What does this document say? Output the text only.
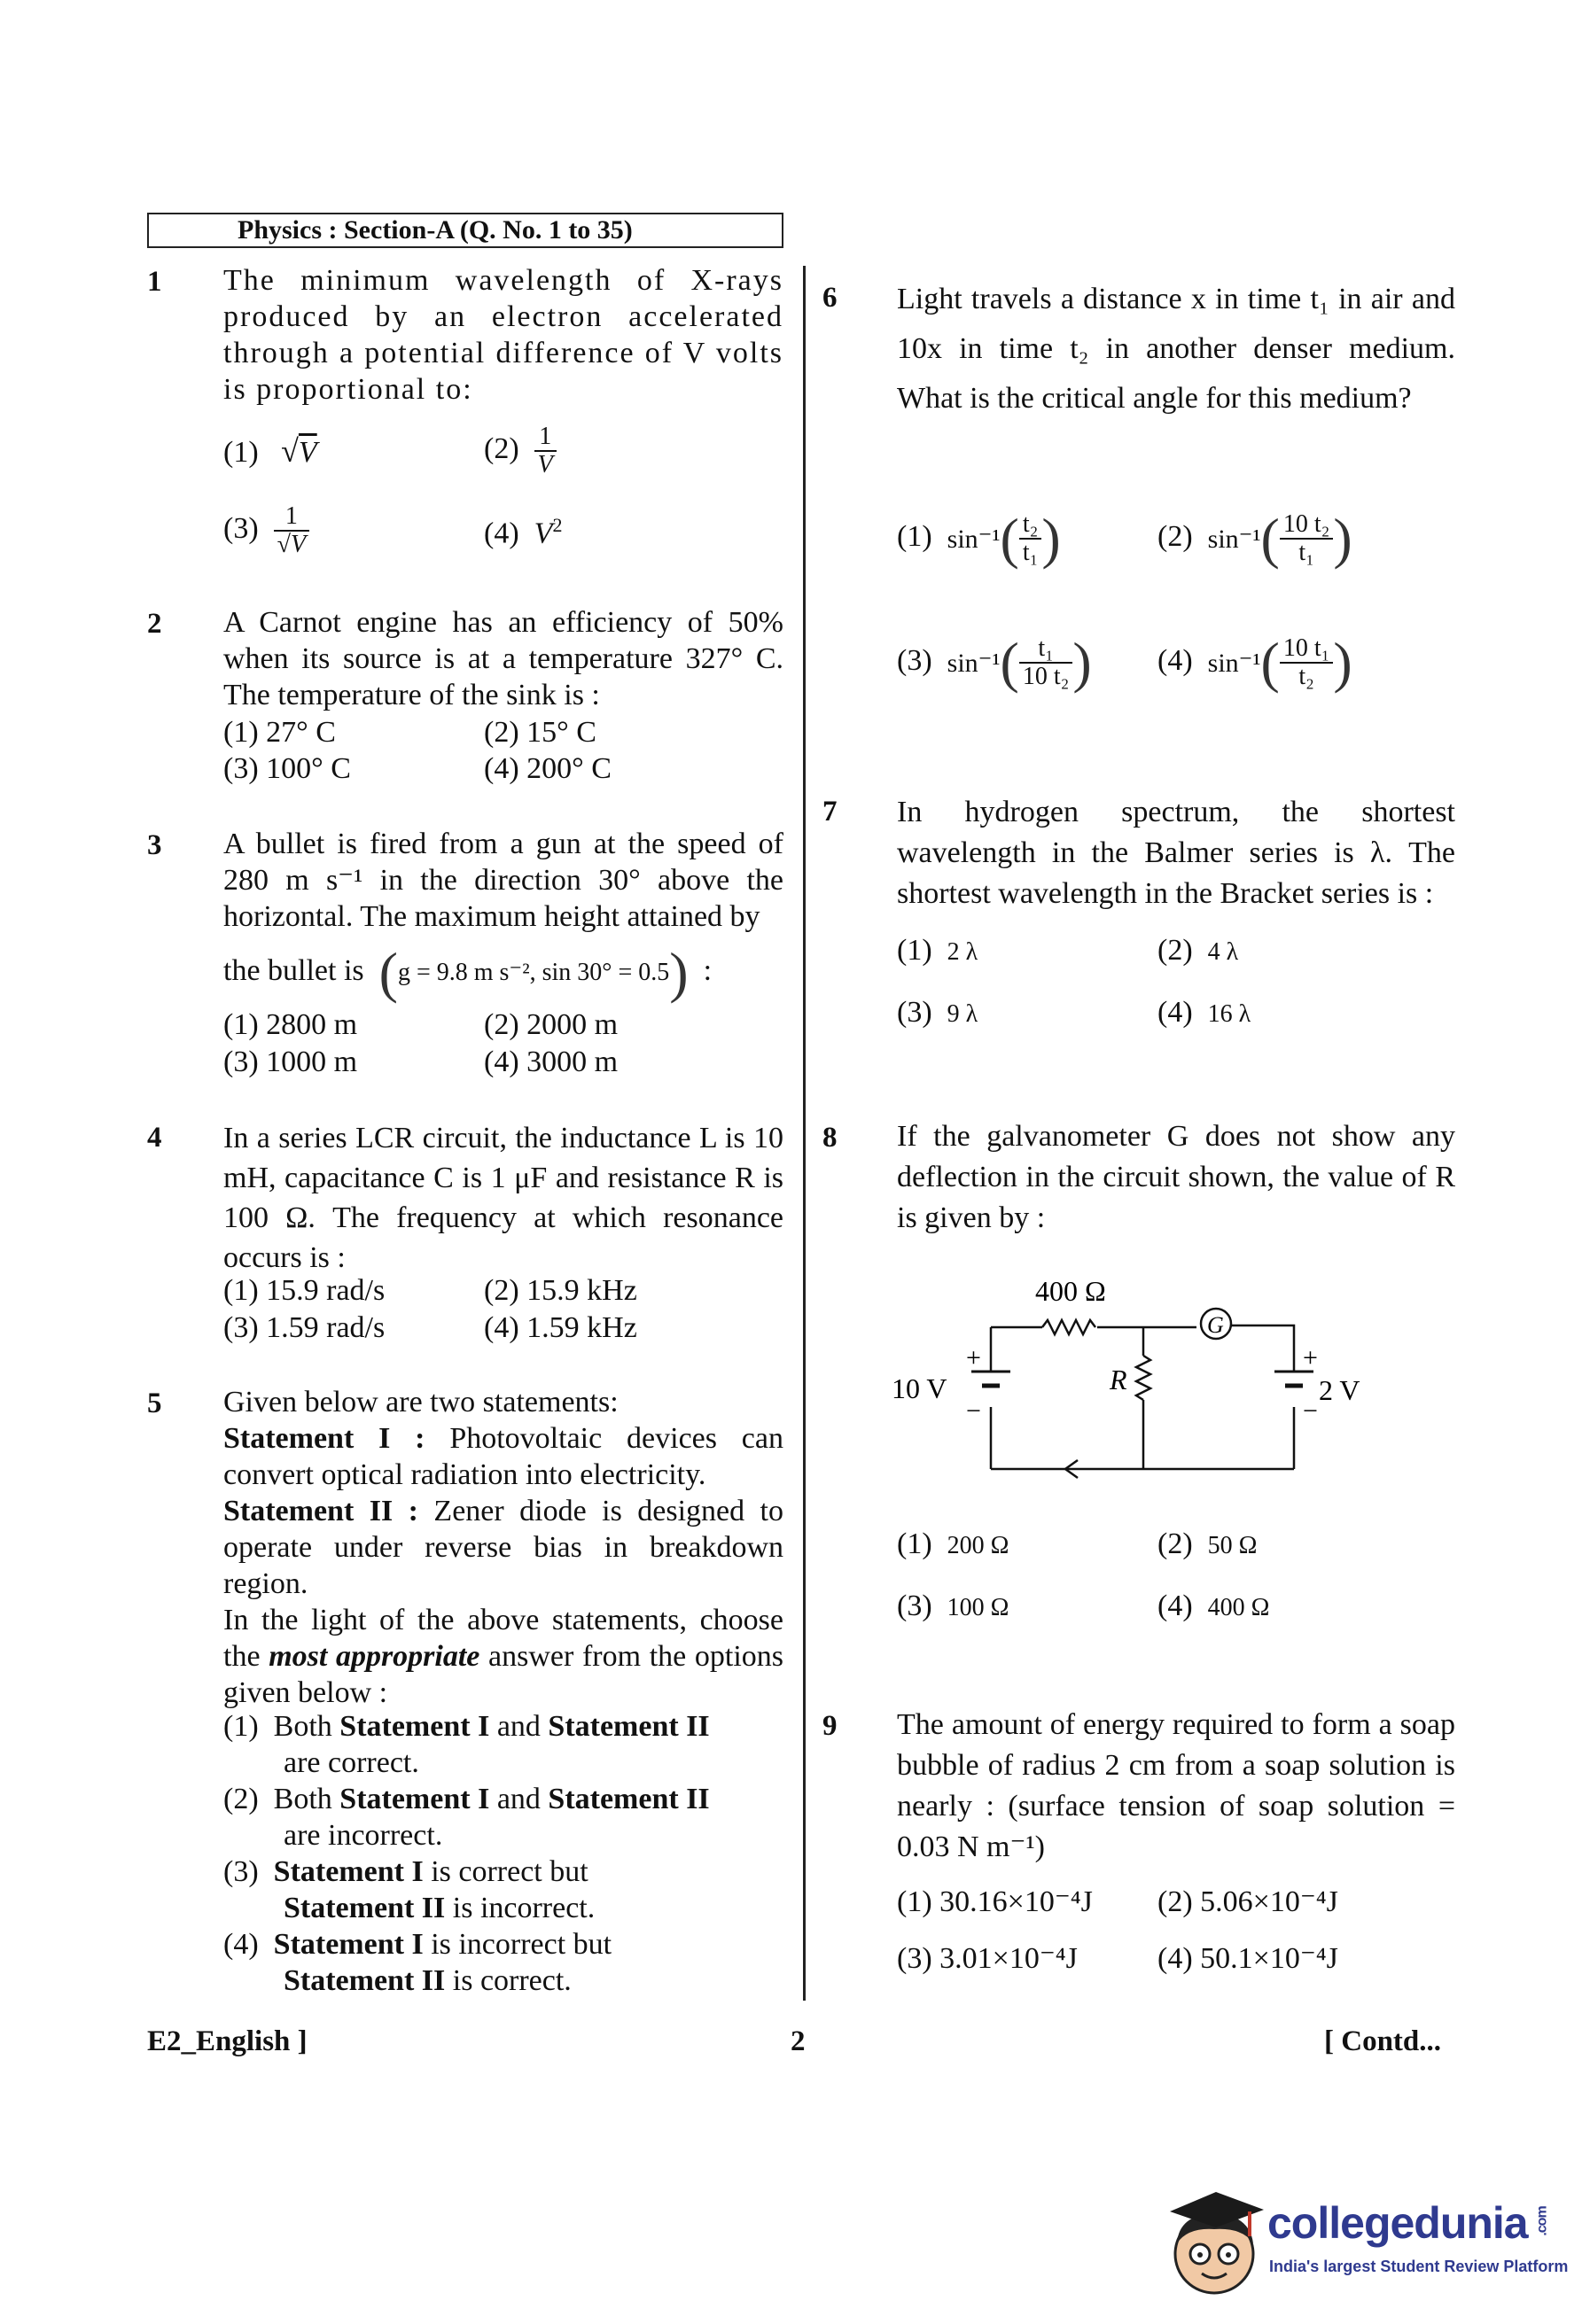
Physics : Section-A (Q. No. 1 to 35)
1 The minimum wavelength of X-rays produced by an electron accelerated through a potential difference of V volts is proportional to:
(1) √V	$(2) \frac{1}{V}$
$(3) \frac{1}{√V}$	(4) $V^2$
2 A Carnot engine has an efficiency of 50% when its source is at a temperature 327° C. The temperature of the sink is :
(1) 27° C	(2) 15° C
(3) 100° C	(4) 200° C
3 A bullet is fired from a gun at the speed of 280 m s⁻¹ in the direction 30° above the horizontal. The maximum height attained by
the bullet is (g = 9.8 m s⁻², sin 30° = 0.5) :
(1) 2800 m	(2) 2000 m
(3) 1000 m	(4) 3000 m
4 In a series LCR circuit, the inductance L is 10 mH, capacitance C is 1 μF and resistance R is 100 Ω. The frequency at which resonance occurs is :
(1) 15.9 rad/s	(2) 15.9 kHz
(3) 1.59 rad/s	(4) 1.59 kHz
5 Given below are two statements:
Statement I : Photovoltaic devices can convert optical radiation into electricity.
Statement II : Zener diode is designed to operate under reverse bias in breakdown region.
In the light of the above statements, choose the most appropriate answer from the options given below :
(1) Both Statement I and Statement II
are correct.
(2) Both Statement I and Statement II
are incorrect.
(3) Statement I is correct but
Statement II is incorrect.
(4) Statement I is incorrect but
Statement II is correct.
6 Light travels a distance x in time t₁ in air and 10x in time t₂ in another denser medium. What is the critical angle for this medium?
(1) $\sin^{-1}( \frac{\text{t₂}}{\text{t₁}}$ )	(2) $\sin^{-1}( \frac{\text{10 t₂}}{\text{t₁}}$ )
(3) $\sin^{-1}( \frac{\text{t₁}}{\text{10 t₂}}$ ) (4) $\sin^{-1}( \frac{\text{10 t₁}}{\text{t₂}}$ )
7 In hydrogen spectrum, the shortest wavelength in the Balmer series is λ. The shortest wavelength in the Bracket series is :
(1) 2 λ	(2) 4 λ
(3) 9 λ	(4) 16 λ
8 If the galvanometer G does not show any deflection in the circuit shown, the value of R is given by :
400 Ω
G
R
10 V
+
−
+
−
2 V
(1) 200 Ω	(2) 50 Ω
(3) 100 Ω	(4) 400 Ω
9 The amount of energy required to form a soap bubble of radius 2 cm from a soap solution is nearly : (surface tension of soap solution = 0.03 N m⁻¹)
(1) 30.16×10⁻⁴J (2) 5.06×10⁻⁴J
(3) 3.01×10⁻⁴J	(4) 50.1×10⁻⁴J
E2_English ]	2	[ Contd...
collegedunia .com
India's largest Student Review Platform
